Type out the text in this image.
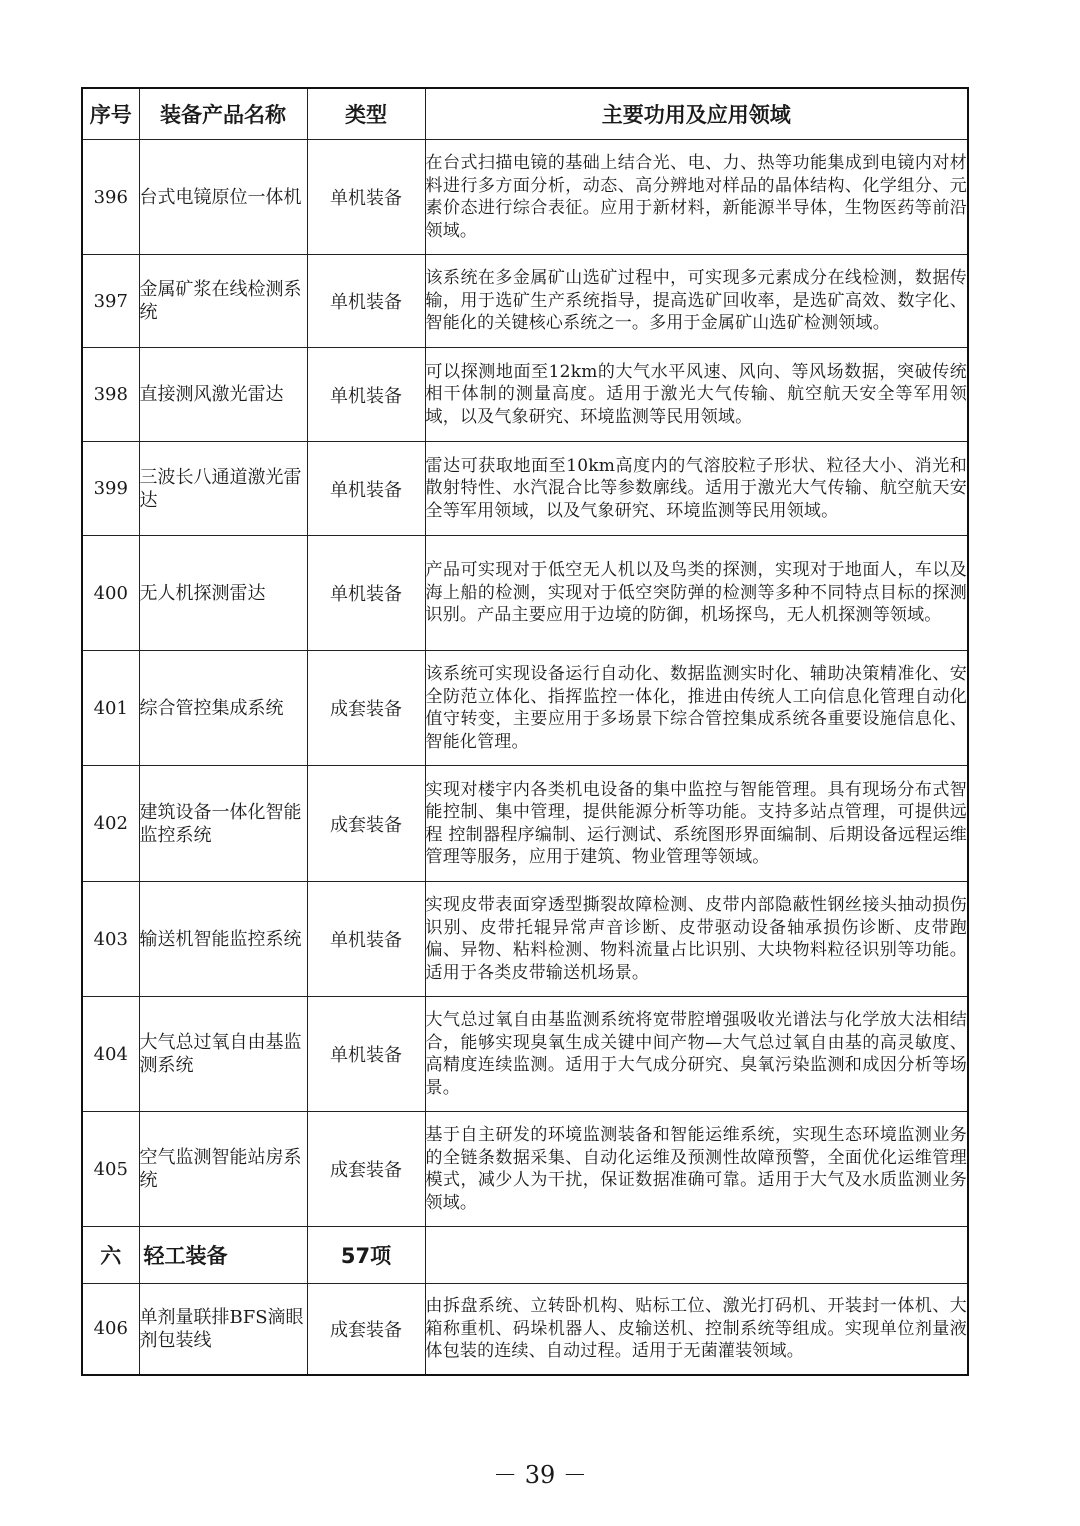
序号	装备产品名称	类型	主要功用及应用领域
396	台式电镜原位一体机	单机装备	在台式扫描电镜的基础上结合光、电、力、热等功能集成到电镜内对材料进行多方面分析，动态、高分辨地对样品的晶体结构、化学组分、元素价态进行综合表征。应用于新材料，新能源半导体，生物医药等前沿领域。
397	金属矿浆在线检测系统	单机装备	该系统在多金属矿山选矿过程中，可实现多元素成分在线检测，数据传输，用于选矿生产系统指导，提高选矿回收率，是选矿高效、数字化、智能化的关键核心系统之一。多用于金属矿山选矿检测领域。
398	直接测风激光雷达	单机装备	可以探测地面至12km的大气水平风速、风向、等风场数据，突破传统相干体制的测量高度。适用于激光大气传输、航空航天安全等军用领域，以及气象研究、环境监测等民用领域。
399	三波长八通道激光雷达	单机装备	雷达可获取地面至10km高度内的气溶胶粒子形状、粒径大小、消光和散射特性、水汽混合比等参数廓线。适用于激光大气传输、航空航天安全等军用领域，以及气象研究、环境监测等民用领域。
400	无人机探测雷达	单机装备	产品可实现对于低空无人机以及鸟类的探测，实现对于地面人，车以及海上船的检测，实现对于低空突防弹的检测等多种不同特点目标的探测识别。产品主要应用于边境的防御，机场探鸟，无人机探测等领域。
401	综合管控集成系统	成套装备	该系统可实现设备运行自动化、数据监测实时化、辅助决策精准化、安全防范立体化、指挥监控一体化，推进由传统人工向信息化管理自动化值守转变，主要应用于多场景下综合管控集成系统各重要设施信息化、智能化管理。
402	建筑设备一体化智能监控系统	成套装备	实现对楼宇内各类机电设备的集中监控与智能管理。具有现场分布式智能控制、集中管理，提供能源分析等功能。支持多站点管理，可提供远程 控制器程序编制、运行测试、系统图形界面编制、后期设备远程运维管理等服务，应用于建筑、物业管理等领域。
403	输送机智能监控系统	单机装备	实现皮带表面穿透型撕裂故障检测、皮带内部隐蔽性钢丝接头抽动损伤识别、皮带托辊异常声音诊断、皮带驱动设备轴承损伤诊断、皮带跑偏、异物、粘料检测、物料流量占比识别、大块物料粒径识别等功能。适用于各类皮带输送机场景。
404	大气总过氧自由基监测系统	单机装备	大气总过氧自由基监测系统将宽带腔增强吸收光谱法与化学放大法相结合，能够实现臭氧生成关键中间产物—大气总过氧自由基的高灵敏度、高精度连续监测。适用于大气成分研究、臭氧污染监测和成因分析等场景。
405	空气监测智能站房系统	成套装备	基于自主研发的环境监测装备和智能运维系统，实现生态环境监测业务的全链条数据采集、自动化运维及预测性故障预警，全面优化运维管理模式，减少人为干扰，保证数据准确可靠。适用于大气及水质监测业务领域。
六	轻工装备	57项	
406	单剂量联排BFS滴眼剂包装线	成套装备	由拆盘系统、立转卧机构、贴标工位、激光打码机、开装封一体机、大箱称重机、码垛机器人、皮输送机、控制系统等组成。实现单位剂量液体包装的连续、自动过程。适用于无菌灌装领域。
－ 39 －
